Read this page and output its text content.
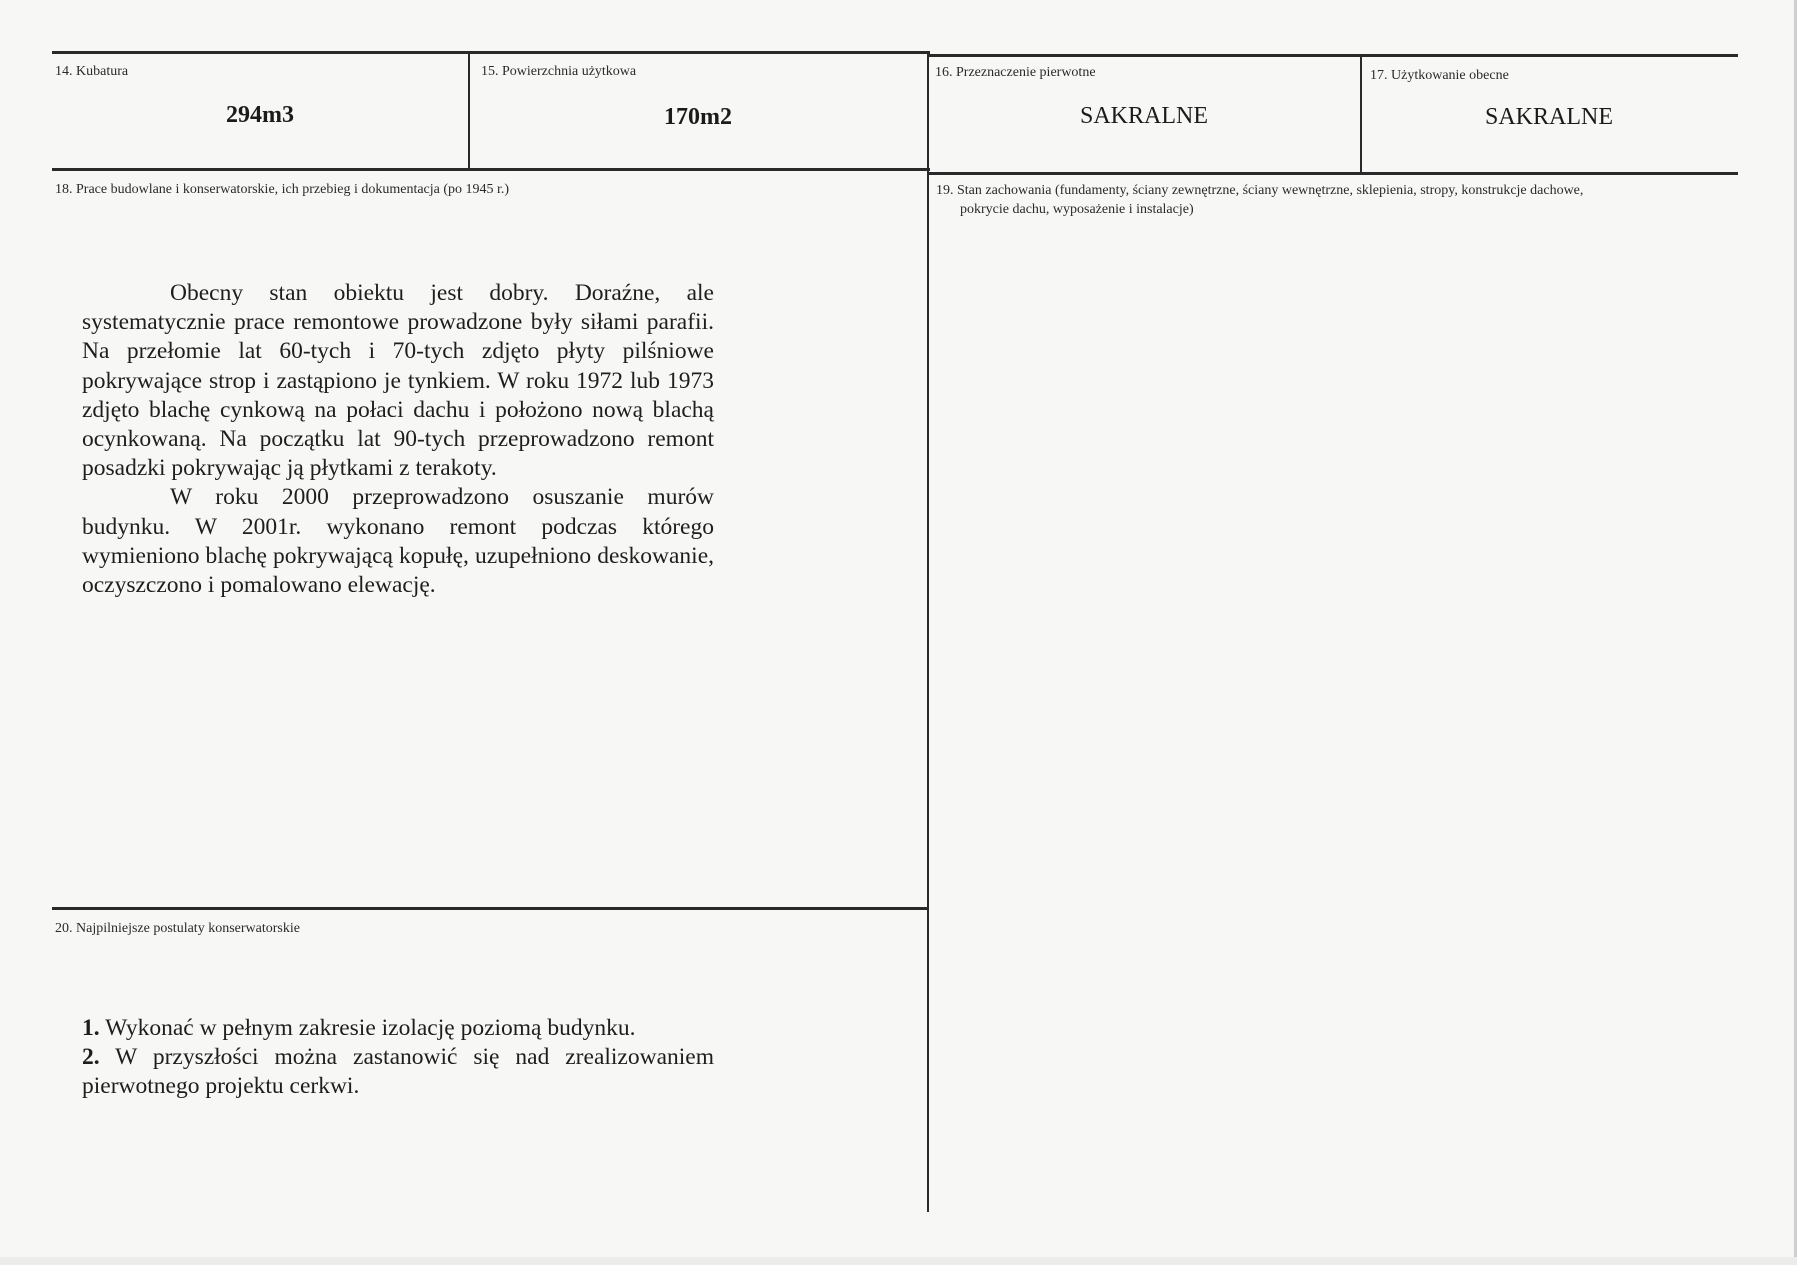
14. Kubatura
294m3
15. Powierzchnia użytkowa
170m2
16. Przeznaczenie pierwotne
SAKRALNE
17. Użytkowanie obecne
SAKRALNE
18. Prace budowlane i konserwatorskie, ich przebieg i dokumentacja (po 1945 r.)

Obecny stan obiektu jest dobry. Doraźne, ale systematycznie prace remontowe prowadzone były siłami parafii. Na przełomie lat 60-tych i 70-tych zdjęto płyty pilśniowe pokrywające strop i zastąpiono je tynkiem. W roku 1972 lub 1973 zdjęto blachę cynkową na połaci dachu i położono nową blachą ocynkowaną. Na początku lat 90-tych przeprowadzono remont posadzki pokrywając ją płytkami z terakoty.

W roku 2000 przeprowadzono osuszanie murów budynku. W 2001r. wykonano remont podczas którego wymieniono blachę pokrywającą kopułę, uzupełniono deskowanie, oczyszczono i pomalowano elewację.

19. Stan zachowania (fundamenty, ściany zewnętrzne, ściany wewnętrzne, sklepienia, stropy, konstrukcje dachowe,
pokrycie dachu, wyposażenie i instalacje)
20. Najpilniejsze postulaty konserwatorskie

1. Wykonać w pełnym zakresie izolację poziomą budynku.

2. W przyszłości można zastanowić się nad zrealizowaniem pierwotnego projektu cerkwi.
